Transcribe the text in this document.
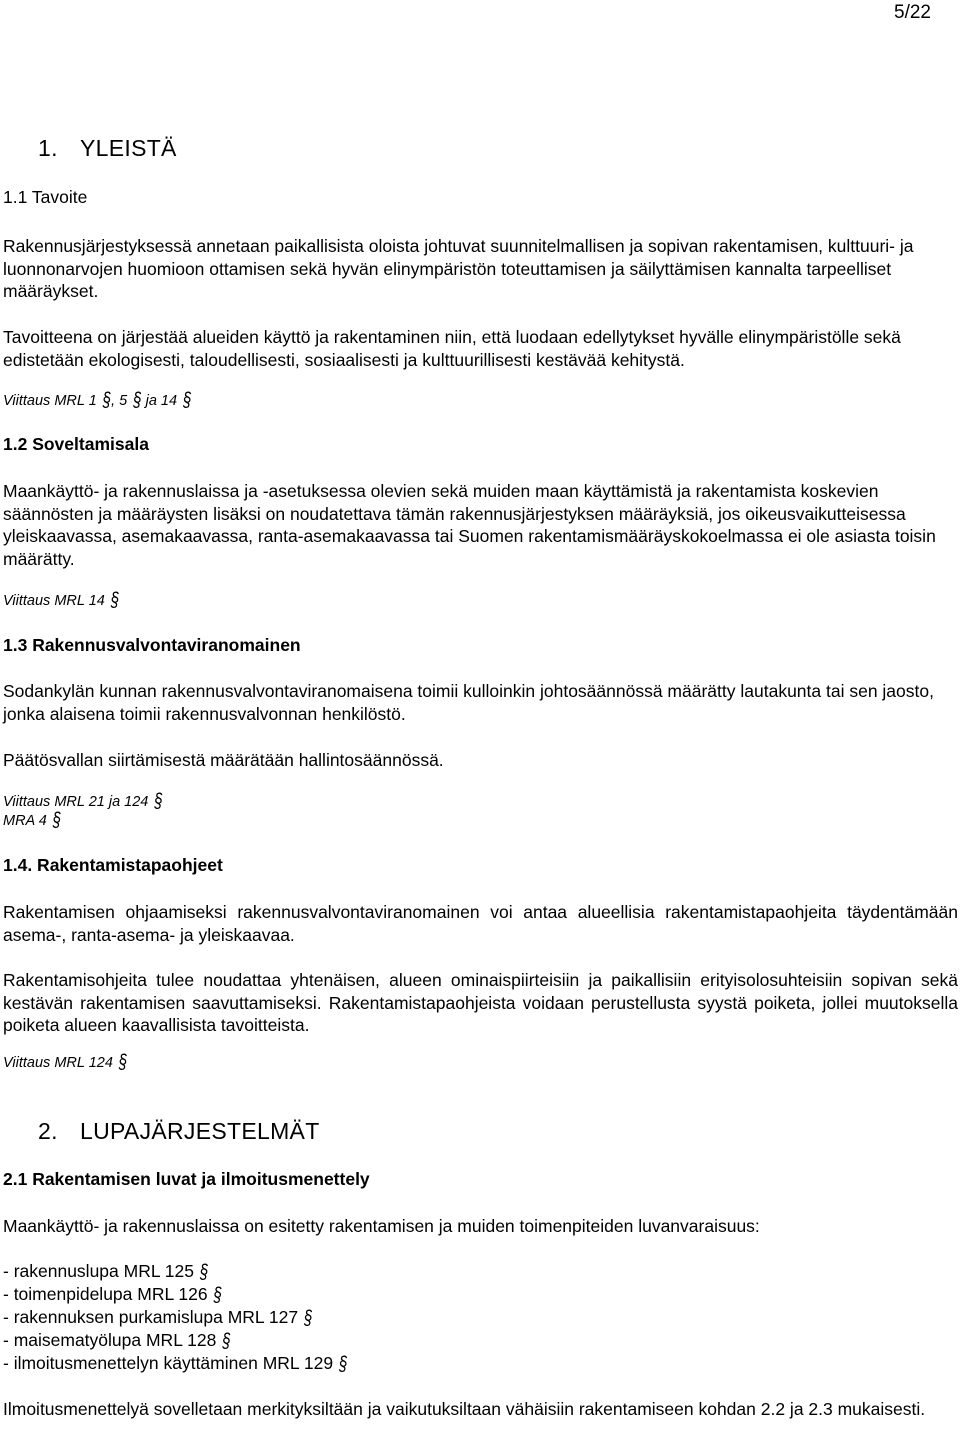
5/22
1. YLEISTÄ
1.1 Tavoite
Rakennusjärjestyksessä annetaan paikallisista oloista johtuvat suunnitelmallisen ja sopivan rakentamisen, kulttuuri- ja luonnonarvojen huomioon ottamisen sekä hyvän elinympäristön toteuttamisen ja säilyttämisen kannalta tarpeelliset määräykset.
Tavoitteena on järjestää alueiden käyttö ja rakentaminen niin, että luodaan edellytykset hyvälle elinympäristölle sekä edistetään ekologisesti, taloudellisesti, sosiaalisesti ja kulttuurillisesti kestävää kehitystä.
Viittaus MRL 1 §, 5 § ja 14 §
1.2 Soveltamisala
Maankäyttö- ja rakennuslaissa ja -asetuksessa olevien sekä muiden maan käyttämistä ja rakentamista koskevien säännösten ja määräysten lisäksi on noudatettava tämän rakennusjärjestyksen määräyksiä, jos oikeusvaikutteisessa yleiskaavassa, asemakaavassa, ranta-asemakaavassa tai Suomen rakentamismääräyskokoelmassa ei ole asiasta toisin määrätty.
Viittaus MRL 14 §
1.3 Rakennusvalvontaviranomainen
Sodankylän kunnan rakennusvalvontaviranomaisena toimii kulloinkin johtosäännössä määrätty lautakunta tai sen jaosto, jonka alaisena toimii rakennusvalvonnan henkilöstö.
Päätösvallan siirtämisestä määrätään hallintosäännössä.
Viittaus MRL 21 ja 124 §
MRA 4 §
1.4. Rakentamistapaohjeet
Rakentamisen ohjaamiseksi rakennusvalvontaviranomainen voi antaa alueellisia rakentamistapaohjeita täydentämään asema-, ranta-asema- ja yleiskaavaa.
Rakentamisohjeita tulee noudattaa yhtenäisen, alueen ominaispiirteisiin ja paikallisiin erityisolosuhteisiin sopivan sekä kestävän rakentamisen saavuttamiseksi. Rakentamistapaohjeista voidaan perustellusta syystä poiketa, jollei muutoksella poiketa alueen kaavallisista tavoitteista.
Viittaus MRL 124 §
2. LUPAJÄRJESTELMÄT
2.1 Rakentamisen luvat ja ilmoitusmenettely
Maankäyttö- ja rakennuslaissa on esitetty rakentamisen ja muiden toimenpiteiden luvanvaraisuus:
- rakennuslupa MRL 125 §
- toimenpidelupa MRL 126 §
- rakennuksen purkamislupa MRL 127 §
- maisematyölupa MRL 128 §
- ilmoitusmenettelyn käyttäminen MRL 129 §
Ilmoitusmenettelyä sovelletaan merkityksiltään ja vaikutuksiltaan vähäisiin rakentamiseen kohdan 2.2 ja 2.3 mukaisesti.
